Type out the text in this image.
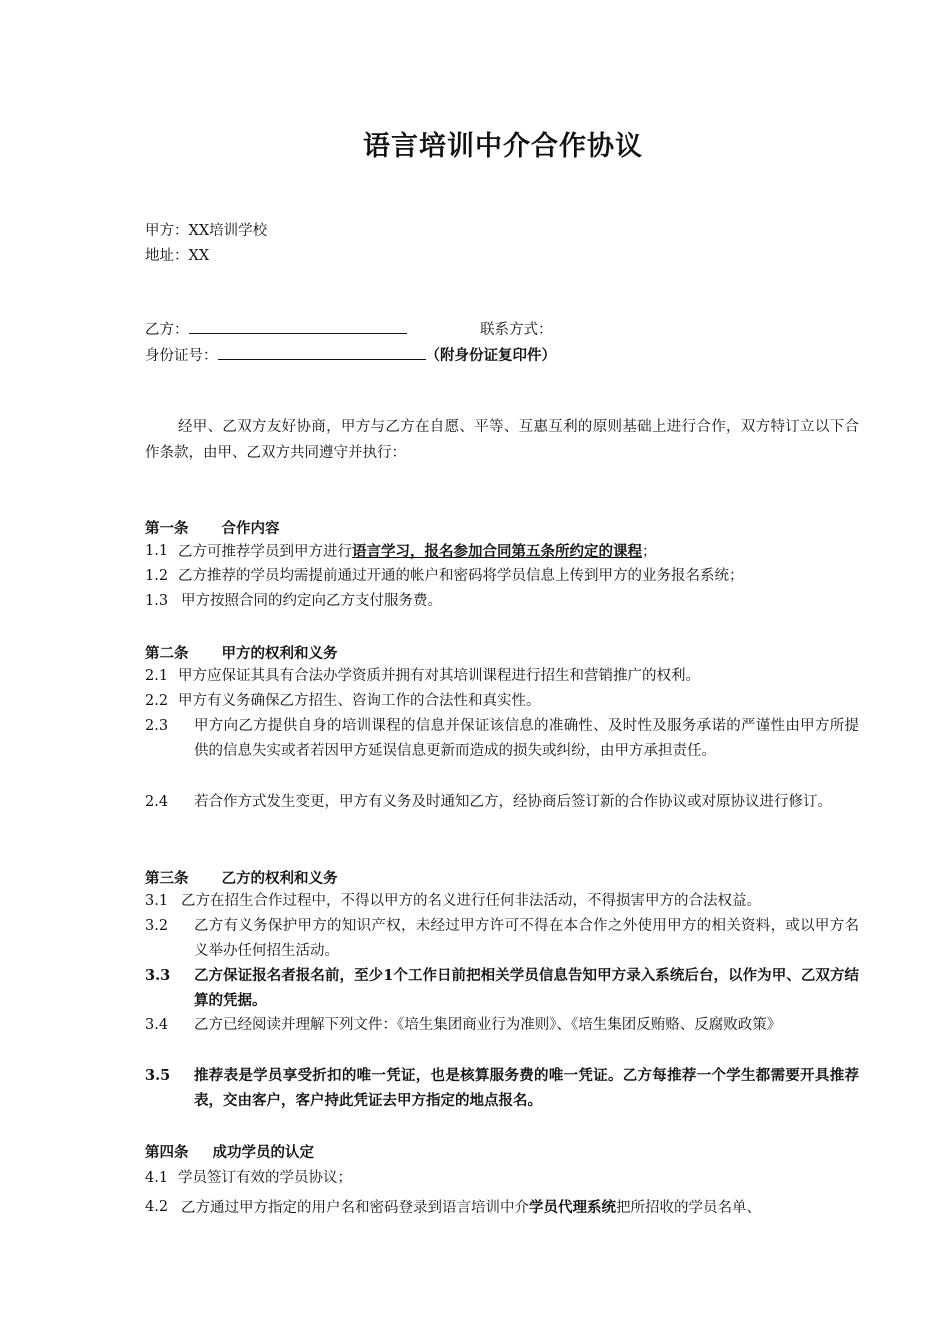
语言培训中介合作协议
甲方：XX培训学校
地址：XX
乙方：	联系方式：
身份证号：	（附身份证复印件）
经甲、乙双方友好协商，甲方与乙方在自愿、平等、互惠互利的原则基础上进行合作，双方特订立以下合作条款，由甲、乙双方共同遵守并执行：
第一条 合作内容
1.1 乙方可推荐学员到甲方进行语言学习，报名参加合同第五条所约定的课程；
1.2 乙方推荐的学员均需提前通过开通的帐户和密码将学员信息上传到甲方的业务报名系统；
1.3 甲方按照合同的约定向乙方支付服务费。
第二条 甲方的权利和义务
2.1 甲方应保证其具有合法办学资质并拥有对其培训课程进行招生和营销推广的权利。
2.2 甲方有义务确保乙方招生、咨询工作的合法性和真实性。
2.3 甲方向乙方提供自身的培训课程的信息并保证该信息的准确性、及时性及服务承诺的严谨性由甲方所提供的信息失实或者若因甲方延误信息更新而造成的损失或纠纷，由甲方承担责任。
2.4 若合作方式发生变更，甲方有义务及时通知乙方，经协商后签订新的合作协议或对原协议进行修订。
第三条 乙方的权利和义务
3.1 乙方在招生合作过程中，不得以甲方的名义进行任何非法活动，不得损害甲方的合法权益。
3.2 乙方有义务保护甲方的知识产权，未经过甲方许可不得在本合作之外使用甲方的相关资料，或以甲方名义举办任何招生活动。
3.3 乙方保证报名者报名前，至少1个工作日前把相关学员信息告知甲方录入系统后台，以作为甲、乙双方结算的凭据。
3.4 乙方已经阅读并理解下列文件：《培生集团商业行为准则》、《培生集团反贿赂、反腐败政策》
3.5 推荐表是学员享受折扣的唯一凭证，也是核算服务费的唯一凭证。乙方每推荐一个学生都需要开具推荐表，交由客户，客户持此凭证去甲方指定的地点报名。
第四条 成功学员的认定
4.1 学员签订有效的学员协议；
4.2 乙方通过甲方指定的用户名和密码登录到语言培训中介学员代理系统把所招收的学员名单、
